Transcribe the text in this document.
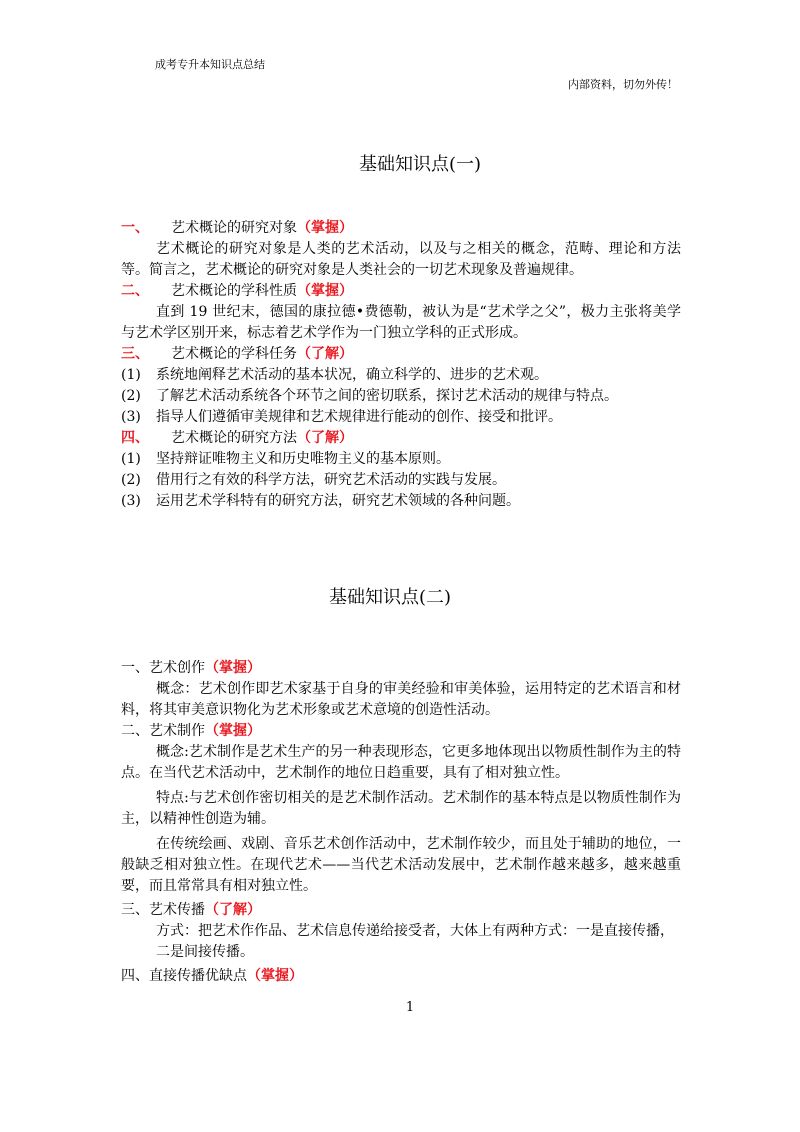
成考专升本知识点总结
内部资料，切勿外传！
基础知识点(一)
一、 艺术概论的研究对象（掌握）
艺术概论的研究对象是人类的艺术活动，以及与之相关的概念，范畴、理论和方法等。简言之，艺术概论的研究对象是人类社会的一切艺术现象及普遍规律。
二、 艺术概论的学科性质（掌握）
直到 19 世纪末，德国的康拉德•费德勒，被认为是“艺术学之父”，极力主张将美学与艺术学区别开来，标志着艺术学作为一门独立学科的正式形成。
三、 艺术概论的学科任务（了解）
(1) 系统地阐释艺术活动的基本状况，确立科学的、进步的艺术观。
(2) 了解艺术活动系统各个环节之间的密切联系，探讨艺术活动的规律与特点。
(3) 指导人们遵循审美规律和艺术规律进行能动的创作、接受和批评。
四、 艺术概论的研究方法（了解）
(1) 坚持辩证唯物主义和历史唯物主义的基本原则。
(2) 借用行之有效的科学方法，研究艺术活动的实践与发展。
(3) 运用艺术学科特有的研究方法，研究艺术领域的各种问题。
基础知识点(二)
一、艺术创作（掌握）
概念：艺术创作即艺术家基于自身的审美经验和审美体验，运用特定的艺术语言和材料，将其审美意识物化为艺术形象或艺术意境的创造性活动。
二、艺术制作（掌握）
概念:艺术制作是艺术生产的另一种表现形态，它更多地体现出以物质性制作为主的特点。在当代艺术活动中，艺术制作的地位日趋重要，具有了相对独立性。
特点:与艺术创作密切相关的是艺术制作活动。艺术制作的基本特点是以物质性制作为主，以精神性创造为辅。
在传统绘画、戏剧、音乐艺术创作活动中，艺术制作较少，而且处于辅助的地位，一般缺乏相对独立性。在现代艺术——当代艺术活动发展中，艺术制作越来越多，越来越重要，而且常常具有相对独立性。
三、艺术传播（了解）
方式：把艺术作作品、艺术信息传递给接受者，大体上有两种方式：一是直接传播，二是间接传播。
四、直接传播优缺点（掌握）
1
